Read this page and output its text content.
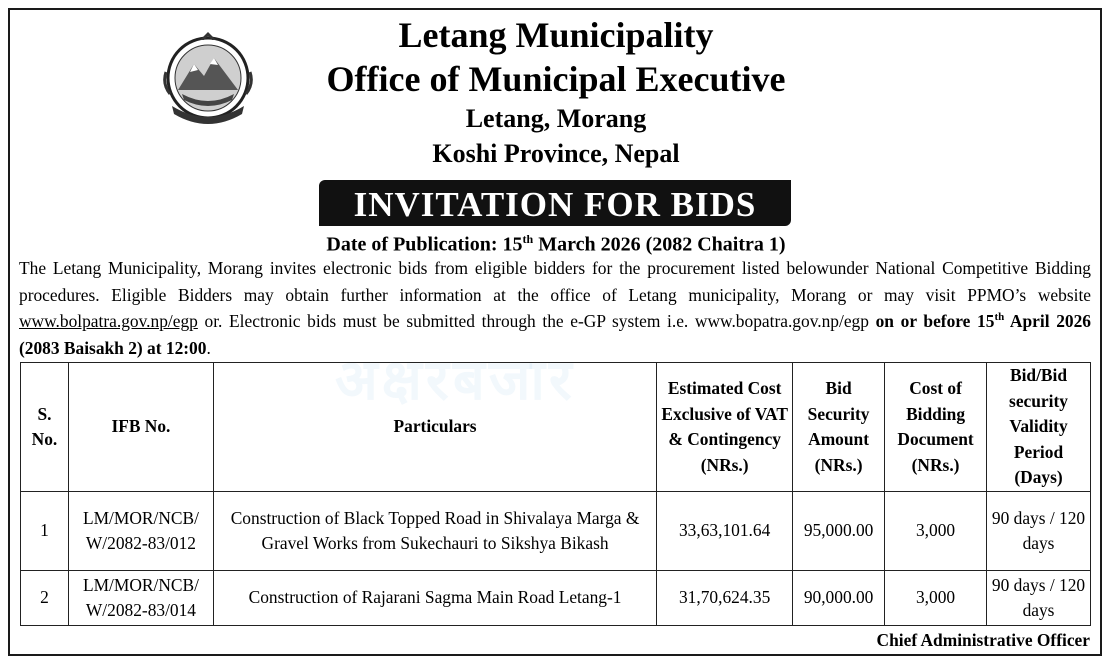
Letang Municipality
Office of Municipal Executive
Letang, Morang
Koshi Province, Nepal
INVITATION FOR BIDS
Date of Publication: 15th March 2026 (2082 Chaitra 1)
The Letang Municipality, Morang invites electronic bids from eligible bidders for the procurement listed belowunder National Competitive Bidding procedures. Eligible Bidders may obtain further information at the office of Letang municipality, Morang or may visit PPMO’s website www.bolpatra.gov.np/egp or. Electronic bids must be submitted through the e-GP system i.e. www.bopatra.gov.np/egp on or before 15th April 2026 (2083 Baisakh 2) at 12:00.
अक्षरबजार
S. No.	IFB No.	Particulars	Estimated Cost Exclusive of VAT & Contingency (NRs.)	Bid Security Amount (NRs.)	Cost of Bidding Document (NRs.)	Bid/Bid security Validity Period (Days)
1	LM/MOR/NCB/ W/2082-83/012	Construction of Black Topped Road in Shivalaya Marga & Gravel Works from Sukechauri to Sikshya Bikash	33,63,101.64	95,000.00	3,000	90 days / 120 days
2	LM/MOR/NCB/ W/2082-83/014	Construction of Rajarani Sagma Main Road Letang-1	31,70,624.35	90,000.00	3,000	90 days / 120 days
Chief Administrative Officer
